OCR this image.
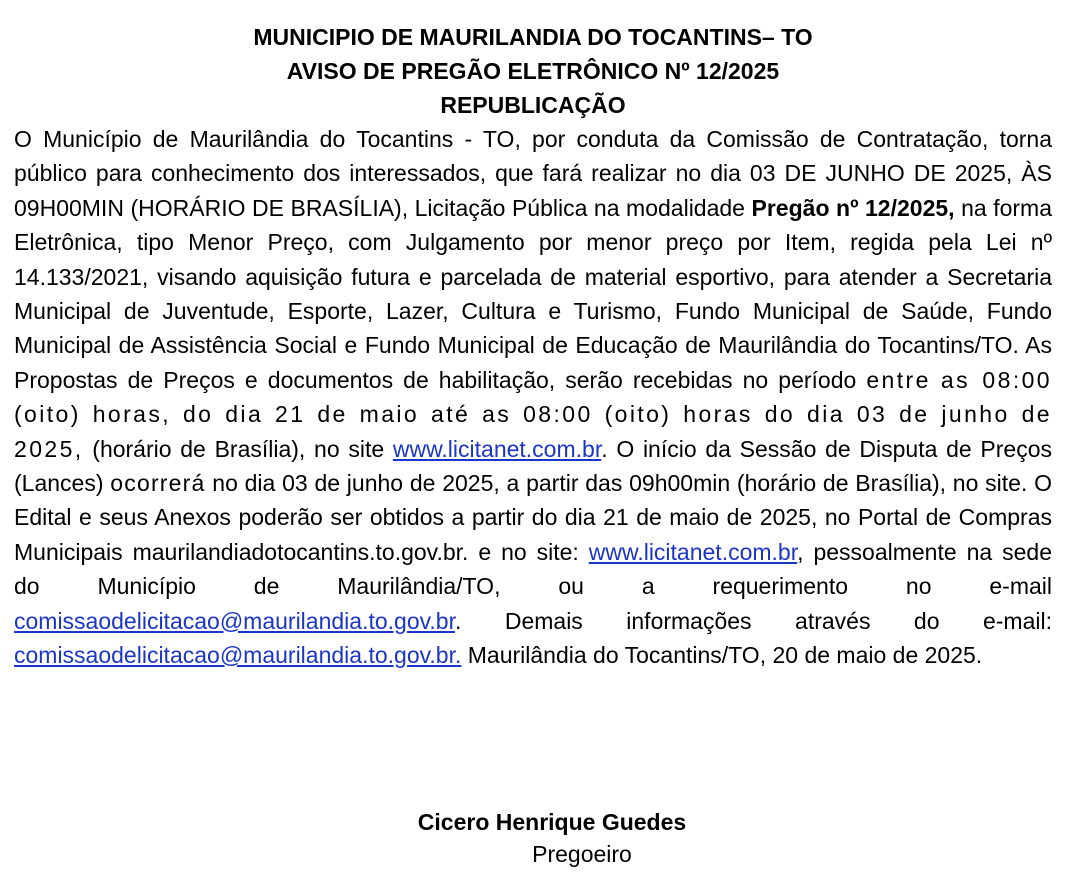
MUNICIPIO DE MAURILANDIA DO TOCANTINS– TO

AVISO DE PREGÃO ELETRÔNICO Nº 12/2025

REPUBLICAÇÃO

O Município de Maurilândia do Tocantins - TO, por conduta da Comissão de Contratação, torna público para conhecimento dos interessados, que fará realizar no dia 03 DE JUNHO DE 2025, ÀS 09H00MIN (HORÁRIO DE BRASÍLIA), Licitação Pública na modalidade Pregão nº 12/2025, na forma Eletrônica, tipo Menor Preço, com Julgamento por menor preço por Item, regida pela Lei nº 14.133/2021, visando aquisição futura e parcelada de material esportivo, para atender a Secretaria Municipal de Juventude, Esporte, Lazer, Cultura e Turismo, Fundo Municipal de Saúde, Fundo Municipal de Assistência Social e Fundo Municipal de Educação de Maurilândia do Tocantins/TO. As Propostas de Preços e documentos de habilitação, serão recebidas no período entre as 08:00 (oito) horas, do dia 21 de maio até as 08:00 (oito) horas do dia 03 de junho de 2025, (horário de Brasília), no site www.licitanet.com.br. O início da Sessão de Disputa de Preços (Lances) ocorrerá no dia 03 de junho de 2025, a partir das 09h00min (horário de Brasília), no site. O Edital e seus Anexos poderão ser obtidos a partir do dia 21 de maio de 2025, no Portal de Compras Municipais maurilandiadotocantins.to.gov.br. e no site: www.licitanet.com.br, pessoalmente na sede do Município de Maurilândia/TO, ou a requerimento no e-mail comissaodelicitacao@maurilandia.to.gov.br. Demais informações através do e-mail: comissaodelicitacao@maurilandia.to.gov.br. Maurilândia do Tocantins/TO, 20 de maio de 2025.

Cicero Henrique Guedes
Pregoeiro
